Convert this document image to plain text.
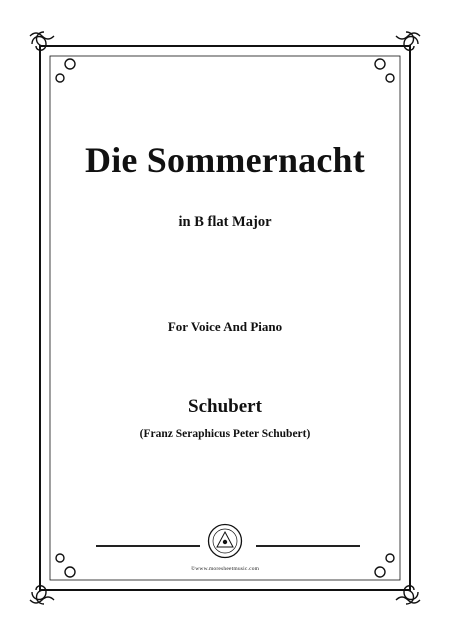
Die Sommernacht
in B flat Major
For Voice And Piano
Schubert
(Franz Seraphicus Peter Schubert)
©www.moresheetmusic.com
